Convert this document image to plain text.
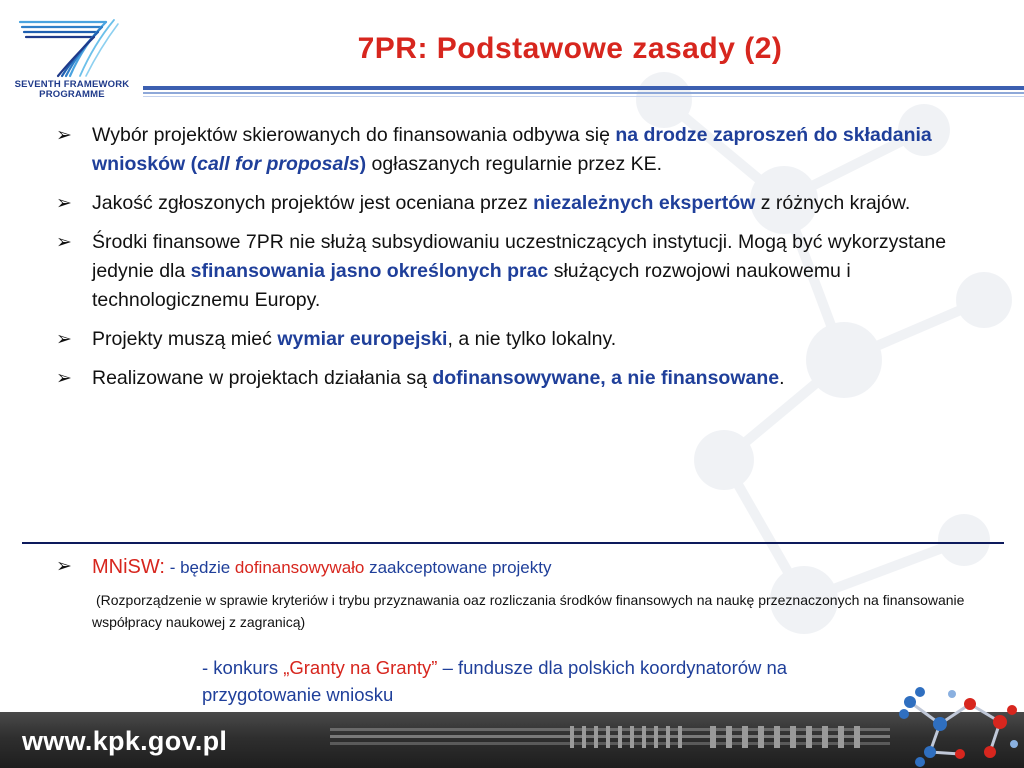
SEVENTH FRAMEWORK
PROGRAMME
7PR: Podstawowe zasady (2)
➢ Wybór projektów skierowanych do finansowania odbywa się na drodze zaproszeń do składania wniosków (call for proposals) ogłaszanych regularnie przez KE.
➢ Jakość zgłoszonych projektów jest oceniana przez niezależnych ekspertów z różnych krajów.
➢ Środki finansowe 7PR nie służą subsydiowaniu uczestniczących instytucji. Mogą być wykorzystane jedynie dla sfinansowania jasno określonych prac służących rozwojowi naukowemu i technologicznemu Europy.
➢ Projekty muszą mieć wymiar europejski, a nie tylko lokalny.
➢ Realizowane w projektach działania są dofinansowywane, a nie finansowane.
➢ MNiSW: - będzie dofinansowywało zaakceptowane projekty
(Rozporządzenie w sprawie kryteriów i trybu przyznawania oaz rozliczania środków finansowych na naukę przeznaczonych na finansowanie współpracy naukowej z zagranicą)
- konkurs „Granty na Granty” – fundusze dla polskich koordynatorów na przygotowanie wniosku
www.kpk.gov.pl
